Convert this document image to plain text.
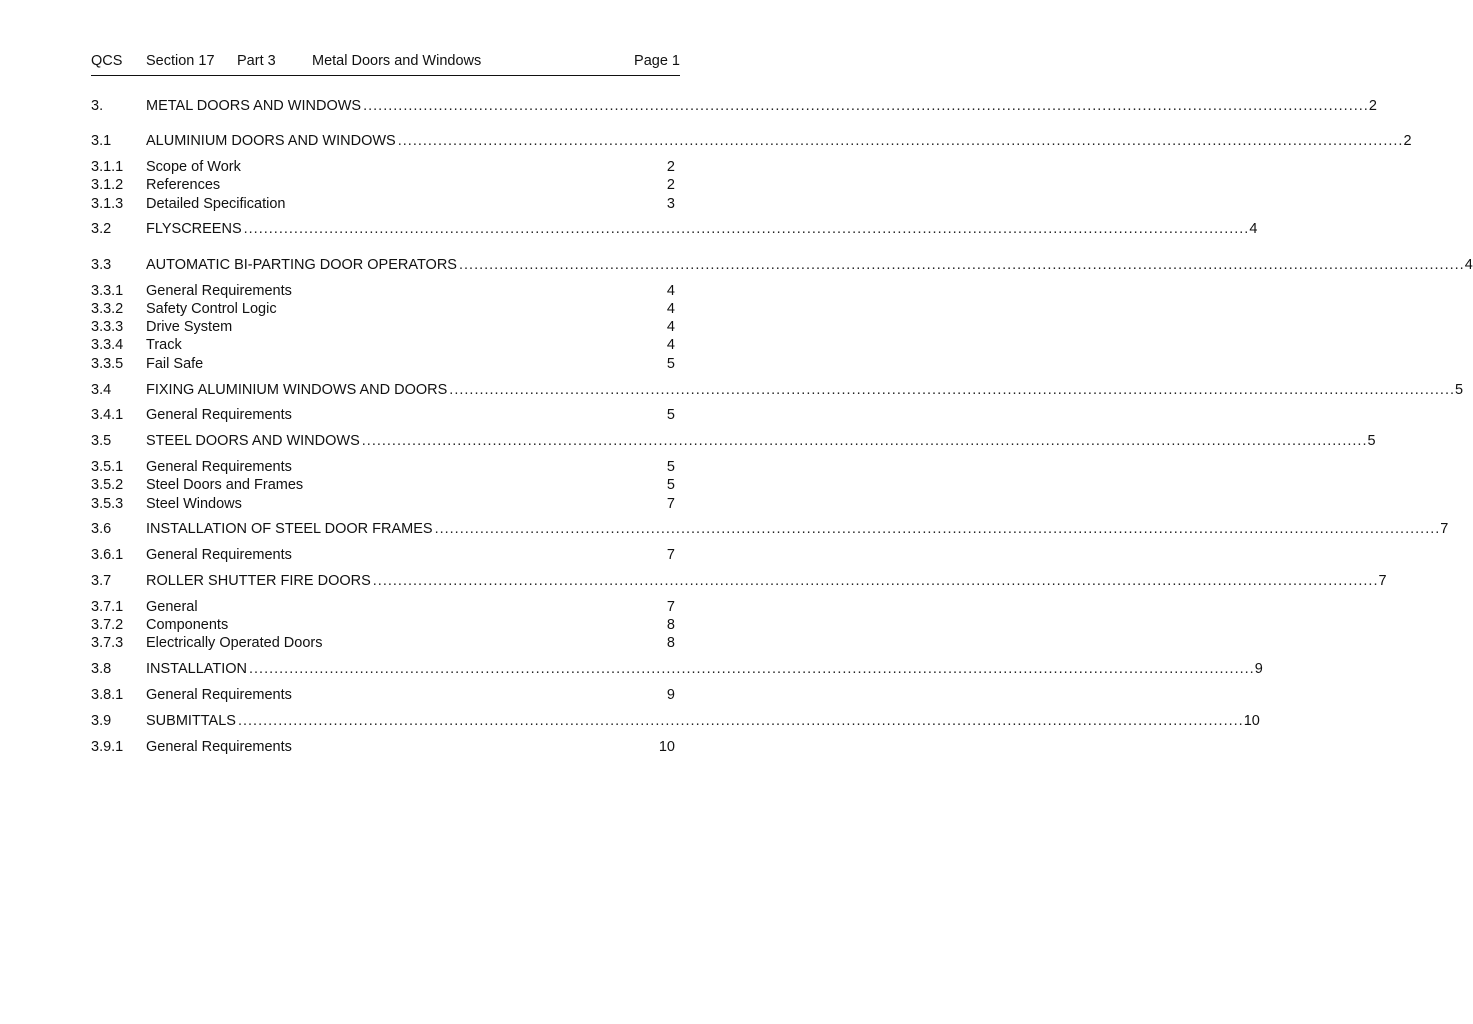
QCS Section 17 Part 3	Metal Doors and Windows	Page 1
3.	METAL DOORS AND WINDOWS ........................................................................................................................................................................................................ 2
3.1 ALUMINIUM DOORS AND WINDOWS ........................................................................................................................................................................................................ 2
3.1.1 Scope of Work	2
3.1.2 References	2
3.1.3 Detailed Specification	3
3.2 FLYSCREENS ........................................................................................................................................................................................................ 4
3.3 AUTOMATIC BI-PARTING DOOR OPERATORS ........................................................................................................................................................................................................ 4
3.3.1 General Requirements	4
3.3.2 Safety Control Logic	4
3.3.3 Drive System	4
3.3.4 Track	4
3.3.5 Fail Safe	5
3.4 FIXING ALUMINIUM WINDOWS AND DOORS ........................................................................................................................................................................................................ 5
3.4.1 General Requirements	5
3.5 STEEL DOORS AND WINDOWS ........................................................................................................................................................................................................ 5
3.5.1 General Requirements	5
3.5.2 Steel Doors and Frames	5
3.5.3 Steel Windows	7
3.6 INSTALLATION OF STEEL DOOR FRAMES ........................................................................................................................................................................................................ 7
3.6.1 General Requirements	7
3.7 ROLLER SHUTTER FIRE DOORS ........................................................................................................................................................................................................ 7
3.7.1 General	7
3.7.2 Components	8
3.7.3 Electrically Operated Doors	8
3.8 INSTALLATION ........................................................................................................................................................................................................ 9
3.8.1 General Requirements	9
3.9 SUBMITTALS ........................................................................................................................................................................................................ 10
3.9.1 General Requirements	10
